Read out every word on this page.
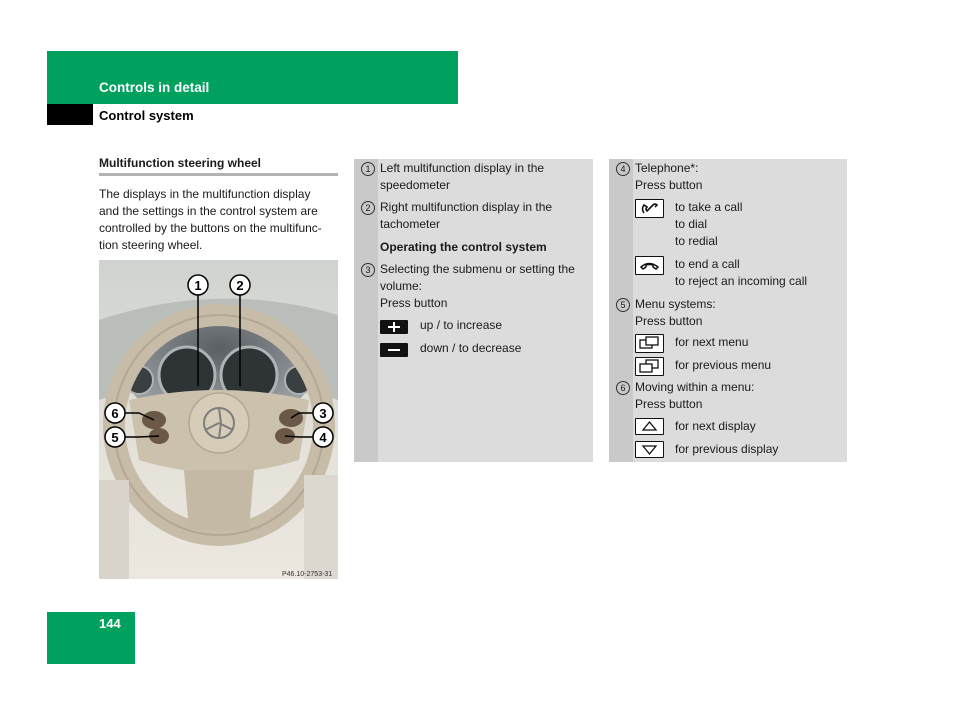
Controls in detail
Control system
Multifunction steering wheel
The displays in the multifunction display
and the settings in the control system are
controlled by the buttons on the multifunc-
tion steering wheel.
1	2
3
4
5
6
P46.10-2753-31
1 Left multifunction display in the
speedometer
2 Right multifunction display in the
tachometer
Operating the control system
3 Selecting the submenu or setting the
volume:
Press button
up / to increase
down / to decrease
4 Telephone*:
Press button
to take a call
to dial
to redial
to end a call
to reject an incoming call
5 Menu systems:
Press button
for next menu
for previous menu
6 Moving within a menu:
Press button
for next display
for previous display
144
